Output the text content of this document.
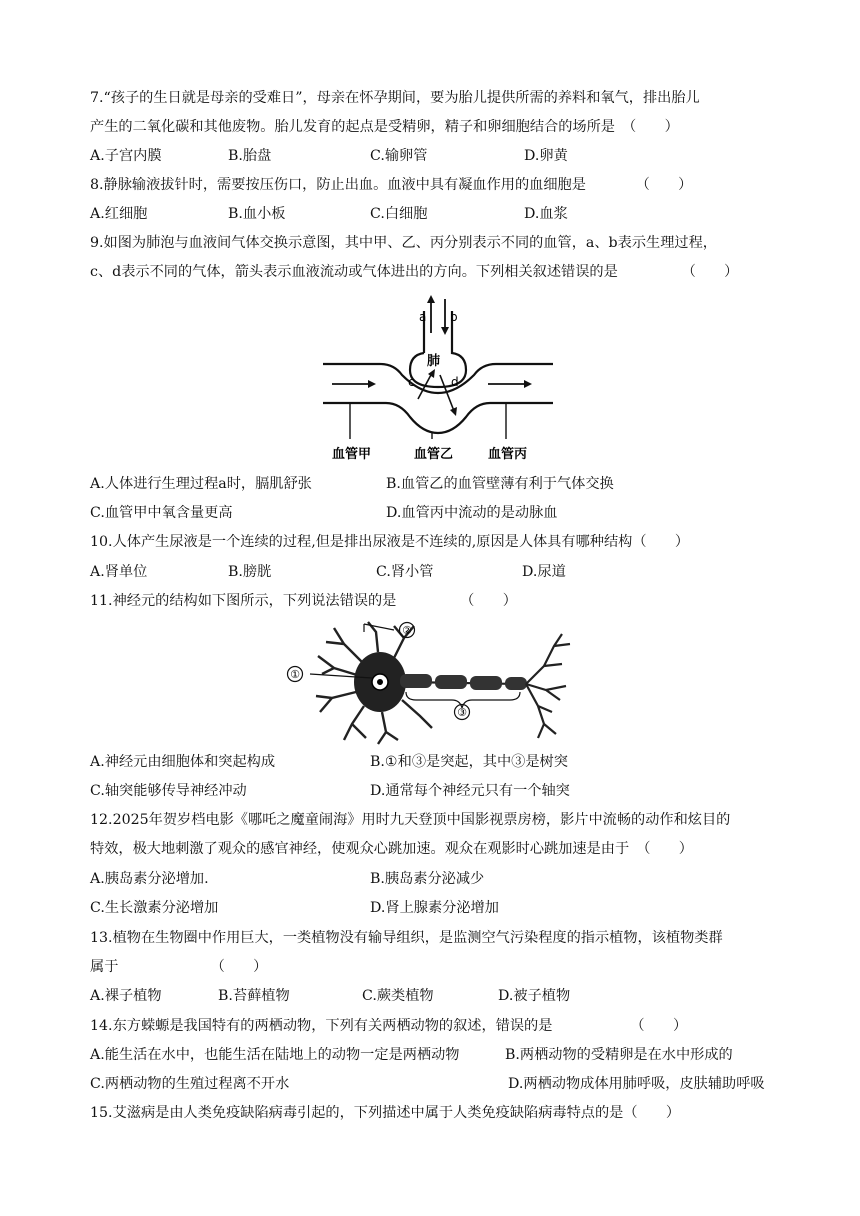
7.“孩子的生日就是母亲的受难日”，母亲在怀孕期间，要为胎儿提供所需的养料和氧气，排出胎儿
产生的二氧化碳和其他废物。胎儿发育的起点是受精卵，精子和卵细胞结合的场所是　（　　）
A.子宫内膜	B.胎盘	C.输卵管	D.卵黄
8.静脉输液拔针时，需要按压伤口，防止出血。血液中具有凝血作用的血细胞是　　　　（　　）
A.红细胞	B.血小板	C.白细胞	D.血浆
9.如图为肺泡与血液间气体交换示意图，其中甲、乙、丙分别表示不同的血管，a、b表示生理过程，
c、d表示不同的气体，箭头表示血液流动或气体进出的方向。下列相关叙述错误的是　　　　　（　　）
a b
肺
c	d
血管甲	血管乙	血管丙
A.人体进行生理过程a时，膈肌舒张	B.血管乙的血管壁薄有利于气体交换
C.血管甲中氧含量更高	D.血管丙中流动的是动脉血
10.人体产生尿液是一个连续的过程,但是排出尿液是不连续的,原因是人体具有哪种结构（　　）
A.肾单位	B.膀胱	C.肾小管	D.尿道
11.神经元的结构如下图所示，下列说法错误的是　　　　　（　　）
①
②
③
A.神经元由细胞体和突起构成	B.①和③是突起，其中③是树突
C.轴突能够传导神经冲动	D.通常每个神经元只有一个轴突
12.2025年贺岁档电影《哪吒之魔童闹海》用时九天登顶中国影视票房榜，影片中流畅的动作和炫目的
特效，极大地刺激了观众的感官神经，使观众心跳加速。观众在观影时心跳加速是由于　（　　）
A.胰岛素分泌增加.	B.胰岛素分泌减少
C.生长激素分泌增加	D.肾上腺素分泌增加
13.植物在生物圈中作用巨大，一类植物没有输导组织，是监测空气污染程度的指示植物，该植物类群
属于　　　　　　　（　　）
A.裸子植物	B.苔藓植物	C.蕨类植物	D.被子植物
14.东方蝾螈是我国特有的两栖动物，下列有关两栖动物的叙述，错误的是　　　　　　（　　）
A.能生活在水中，也能生活在陆地上的动物一定是两栖动物	B.两栖动物的受精卵是在水中形成的
C.两栖动物的生殖过程离不开水	D.两栖动物成体用肺呼吸，皮肤辅助呼吸
15.艾滋病是由人类免疫缺陷病毒引起的，下列描述中属于人类免疫缺陷病毒特点的是（　　）
